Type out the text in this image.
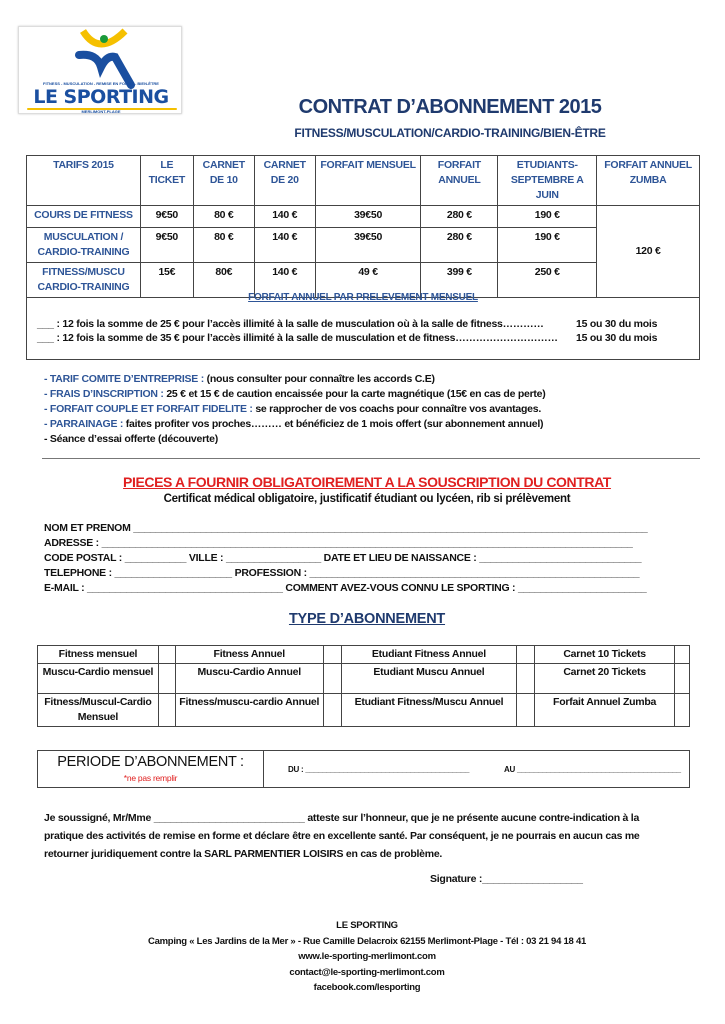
FITNESS - MUSCULATION - REMISE EN FORME - BIEN-ÊTRE
LE SPORTING
MERLIMONT-PLAGE	CONTRAT D’ABONNEMENT 2015
FITNESS/MUSCULATION/CARDIO-TRAINING/BIEN-ÊTRE
TARIFS 2015	LE TICKET	CARNET DE 10	CARNET DE 20	FORFAIT MENSUEL	FORFAIT ANNUEL	ETUDIANTS-SEPTEMBRE A JUIN	FORFAIT ANNUEL ZUMBA
COURS DE FITNESS	9€50	80 €	140 €	39€50	280 €	190 €	120 €
MUSCULATION / CARDIO-TRAINING	9€50	80 €	140 €	39€50	280 €	190 €	
FITNESS/MUSCU CARDIO-TRAINING	15€	80€	140 €	49 €	399 €	250 €	
FORFAIT ANNUEL PAR PRELEVEMENT MENSUEL
___ : 12 fois la somme de 25 € pour l’accès illimité à la salle de musculation où à la salle de fitness…………	15 ou 30 du mois
___ : 12 fois la somme de 35 € pour l’accès illimité à la salle de musculation et de fitness………………………… 15 ou 30 du mois
- TARIF COMITE D’ENTREPRISE : (nous consulter pour connaître les accords C.E)
- FRAIS D’INSCRIPTION : 25 € et 15 € de caution encaissée pour la carte magnétique (15€ en cas de perte)
- FORFAIT COUPLE ET FORFAIT FIDELITE : se rapprocher de vos coachs pour connaître vos avantages.
- PARRAINAGE : faites profiter vos proches……… et bénéficiez de 1 mois offert (sur abonnement annuel)
- Séance d’essai offerte (découverte)
PIECES A FOURNIR OBLIGATOIREMENT A LA SOUSCRIPTION DU CONTRAT
Certificat médical obligatoire, justificatif étudiant ou lycéen, rib si prélèvement
NOM ET PRENOM ____________________________________________________________________________________________
ADRESSE : _______________________________________________________________________________________________
CODE POSTAL : ___________ VILLE : _________________ DATE ET LIEU DE NAISSANCE : _____________________________
TELEPHONE : _____________________ PROFESSION : ___________________________________________________________
E-MAIL : ___________________________________ COMMENT AVEZ-VOUS CONNU LE SPORTING : _______________________
TYPE D’ABONNEMENT
Fitness mensuel		Fitness Annuel		Etudiant Fitness Annuel		Carnet 10 Tickets	
Muscu-Cardio mensuel		Muscu-Cardio Annuel		Etudiant Muscu Annuel		Carnet 20 Tickets	
Fitness/Muscul-Cardio Mensuel		Fitness/muscu-cardio Annuel		Etudiant Fitness/Muscu Annuel		Forfait Annuel Zumba	
PERIODE D’ABONNEMENT :
*ne pas remplir
DU : _______________________________________	AU _______________________________________
Je soussigné, Mr/Mme ___________________________ atteste sur l’honneur, que je ne présente aucune contre-indication à la
pratique des activités de remise en forme et déclare être en excellente santé. Par conséquent, je ne pourrais en aucun cas me
retourner juridiquement contre la SARL PARMENTIER LOISIRS en cas de problème.
Signature :__________________
LE SPORTING
Camping « Les Jardins de la Mer » - Rue Camille Delacroix 62155 Merlimont-Plage - Tél : 03 21 94 18 41
www.le-sporting-merlimont.com
contact@le-sporting-merlimont.com
facebook.com/lesporting
